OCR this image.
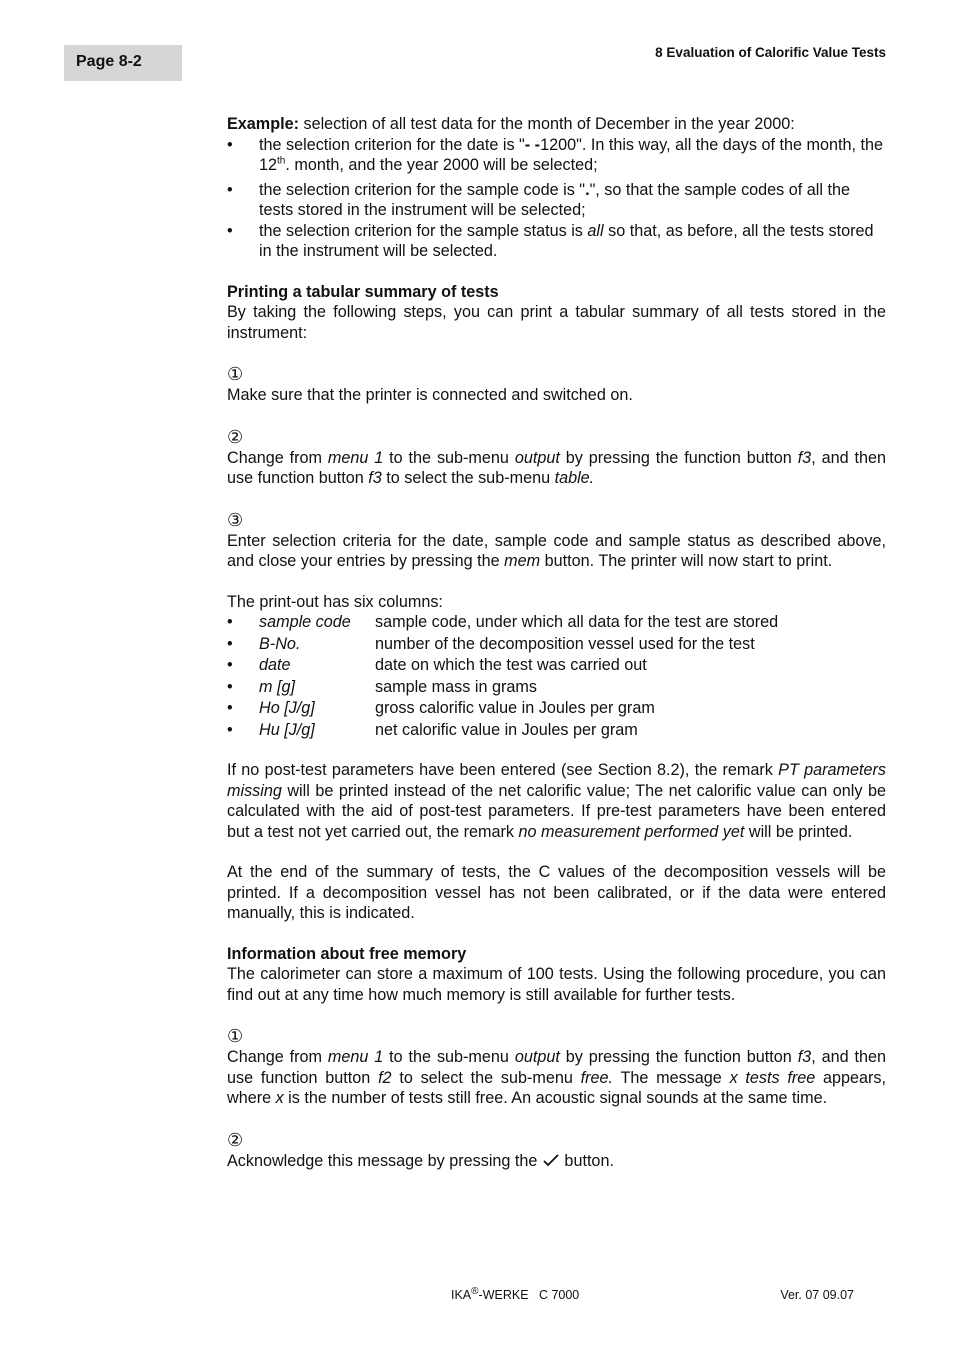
Page 8-2
8 Evaluation of Calorific Value Tests

Example: selection of all test data for the month of December in the year 2000:

• the selection criterion for the date is "- -1200". In this way, all the days of the month, the 12th. month, and the year 2000 will be selected;
• the selection criterion for the sample code is ".", so that the sample codes of all the tests stored in the instrument will be selected;
• the selection criterion for the sample status is all so that, as before, all the tests stored in the instrument will be selected.

Printing a tabular summary of tests

By taking the following steps, you can print a tabular summary of all tests stored in the instrument:

①

Make sure that the printer is connected and switched on.

②

Change from menu 1 to the sub-menu output by pressing the function button f3, and then use function button f3 to select the sub-menu table.

③

Enter selection criteria for the date, sample code and sample status as described above, and close your entries by pressing the mem button. The printer will now start to print.

The print-out has six columns:

• sample code	sample code, under which all data for the test are stored
• B-No.	number of the decomposition vessel used for the test
• date	date on which the test was carried out
• m [g]	sample mass in grams
• Ho [J/g]	gross calorific value in Joules per gram
• Hu [J/g]	net calorific value in Joules per gram

If no post-test parameters have been entered (see Section 8.2), the remark PT parameters missing will be printed instead of the net calorific value; The net calorific value can only be calculated with the aid of post-test parameters. If pre-test parameters have been entered but a test not yet carried out, the remark no measurement performed yet will be printed.

At the end of the summary of tests, the C values of the decomposition vessels will be printed. If a decomposition vessel has not been calibrated, or if the data were entered manually, this is indicated.

Information about free memory

The calorimeter can store a maximum of 100 tests. Using the following procedure, you can find out at any time how much memory is still available for further tests.

①

Change from menu 1 to the sub-menu output by pressing the function button f3, and then use function button f2 to select the sub-menu free. The message x tests free appears, where x is the number of tests still free. An acoustic signal sounds at the same time.

②

Acknowledge this message by pressing the  button.

IKA®-WERKE   C 7000	Ver. 07 09.07
